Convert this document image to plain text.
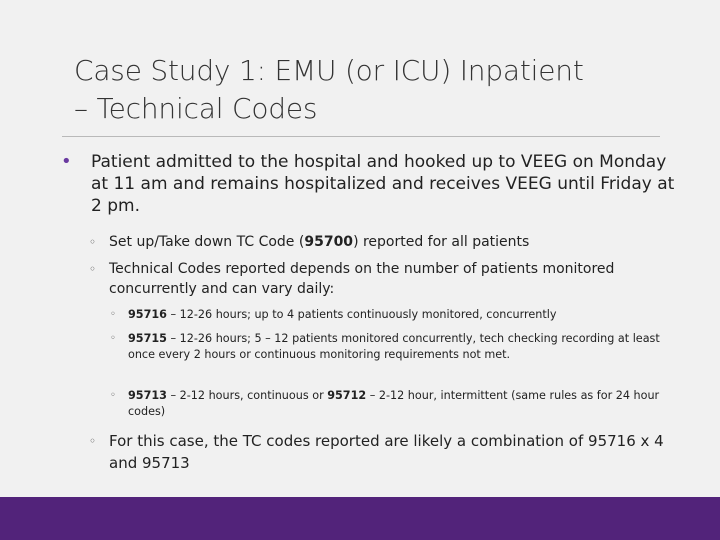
Case Study 1: EMU (or ICU) Inpatient
– Technical Codes
• Patient admitted to the hospital and hooked up to VEEG on Monday at 11 am and remains hospitalized and receives VEEG until Friday at 2 pm.
◦ Set up/Take down TC Code (95700) reported for all patients
◦ Technical Codes reported depends on the number of patients monitored concurrently and can vary daily:
◦ 95716 – 12-26 hours; up to 4 patients continuously monitored, concurrently
◦ 95715 – 12-26 hours; 5 – 12 patients monitored concurrently, tech checking recording at least once every 2 hours or continuous monitoring requirements not met.
◦ 95713 – 2-12 hours, continuous or 95712 – 2-12 hour, intermittent (same rules as for 24 hour codes)
◦ For this case, the TC codes reported are likely a combination of 95716 x 4 and 95713
